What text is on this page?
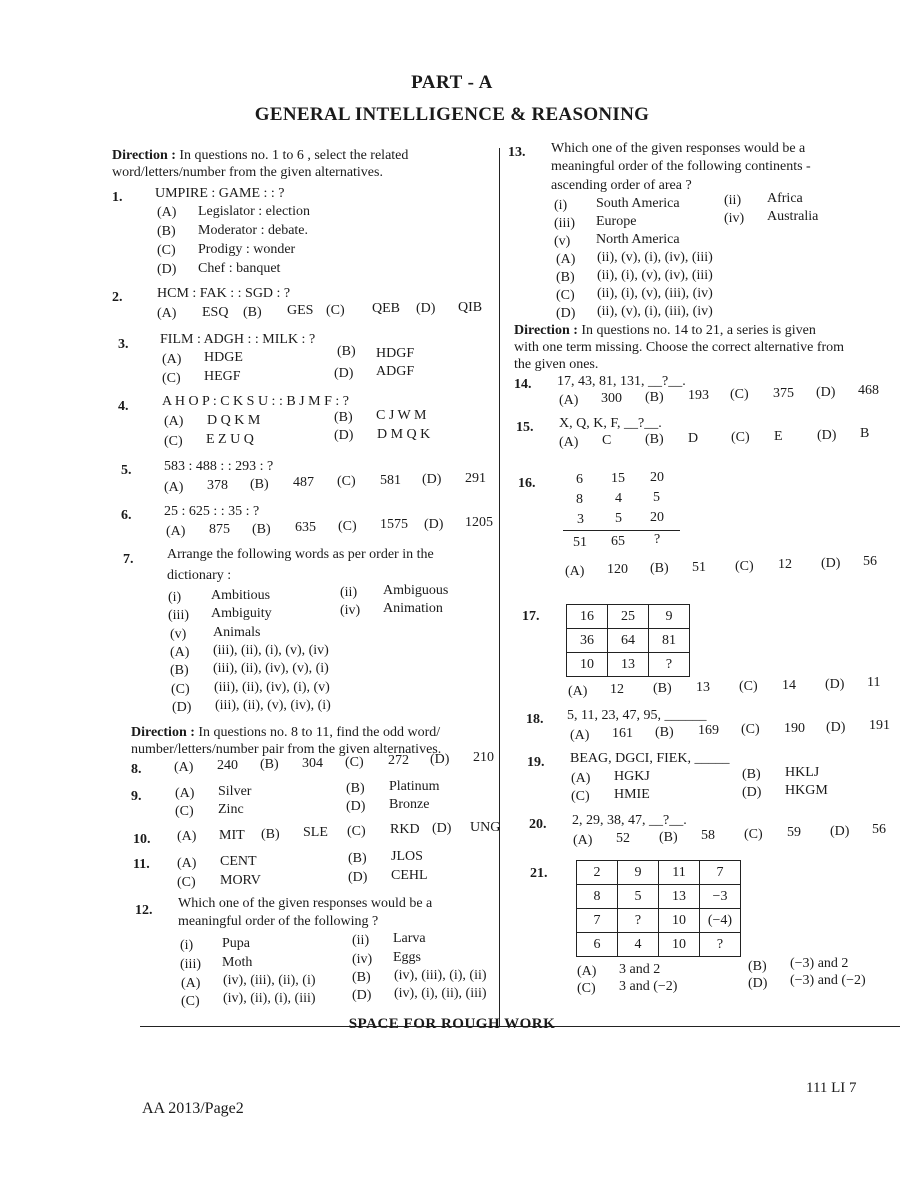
PART - A
GENERAL INTELLIGENCE & REASONING
Direction : In questions no. 1 to 6 , select the related
word/letters/number from the given alternatives.
1. UMPIRE : GAME : : ?
(A) Legislator : election
(B) Moderator : debate.
(C) Prodigy : wonder
(D) Chef : banquet
2. HCM : FAK : : SGD : ?
(A) ESQ (B) GES (C) QEB (D) QIB
3. FILM : ADGH : : MILK : ?
(A) HDGE	(B) HDGF
(C) HEGF	(D) ADGF
4. A H O P : C K S U : : B J M F : ?
(A) D Q K M	(B) C J W M
(C) E Z U Q	(D) D M Q K
5. 583 : 488 : : 293 : ?
(A) 378 (B) 487 (C) 581 (D) 291
6. 25 : 625 : : 35 : ?
(A) 875 (B) 635 (C) 1575 (D) 1205
7. Arrange the following words as per order in the
dictionary :
(i) Ambitious	(ii) Ambiguous
(iii) Ambiguity	(iv) Animation
(v) Animals
(A) (iii), (ii), (i), (v), (iv)
(B) (iii), (ii), (iv), (v), (i)
(C) (iii), (ii), (iv), (i), (v)
(D) (iii), (ii), (v), (iv), (i)
Direction : In questions no. 8 to 11, find the odd word/
number/letters/number pair from the given alternatives.
8. (A) 240 (B) 304 (C) 272 (D) 210
9. (A) Silver	(B) Platinum
(C) Zinc	(D) Bronze
10. (A) MIT (B) SLE (C) RKD (D) UNG
11. (A) CENT	(B) JLOS
(C) MORV	(D) CEHL
12. Which one of the given responses would be a
meaningful order of the following ?
(i) Pupa	(ii) Larva
(iii) Moth	(iv) Eggs
(A) (iv), (iii), (ii), (i)	(B) (iv), (iii), (i), (ii)
(C) (iv), (ii), (i), (iii)	(D) (iv), (i), (ii), (iii)
13. Which one of the given responses would be a
meaningful order of the following continents -
ascending order of area ?
(i) South America	(ii) Africa
(iii) Europe	(iv) Australia
(v) North America
(A) (ii), (v), (i), (iv), (iii)
(B) (ii), (i), (v), (iv), (iii)
(C) (ii), (i), (v), (iii), (iv)
(D) (ii), (v), (i), (iii), (iv)
Direction : In questions no. 14 to 21, a series is given
with one term missing. Choose the correct alternative from
the given ones.
14. 17, 43, 81, 131, __?__.
(A) 300 (B) 193 (C) 375 (D) 468
15. X, Q, K, F, __?__.
(A) C (B) D (C) E (D) B
16.	6 15 20
8 4 5
3 5 20
51 65 ?
(A) 120 (B) 51 (C) 12 (D) 56
17.	16	25	9
36	64	81
10	13	?
(A) 12 (B) 13 (C) 14 (D) 11
18. 5, 11, 23, 47, 95, ______
(A) 161 (B) 169 (C) 190 (D) 191
19. BEAG, DGCI, FIEK, _____
(A) HGKJ	(B) HKLJ
(C) HMIE	(D) HKGM
20. 2, 29, 38, 47, __?__.
(A) 52 (B) 58 (C) 59 (D) 56
21.	2	9	11	7
8	5	13	−3
7	?	10	(−4)
6	4	10	?
(A) 3 and 2	(B) (−3) and 2
(C) 3 and (−2)	(D) (−3) and (−2)
SPACE FOR ROUGH WORK
111 LI 7
AA 2013/Page2
